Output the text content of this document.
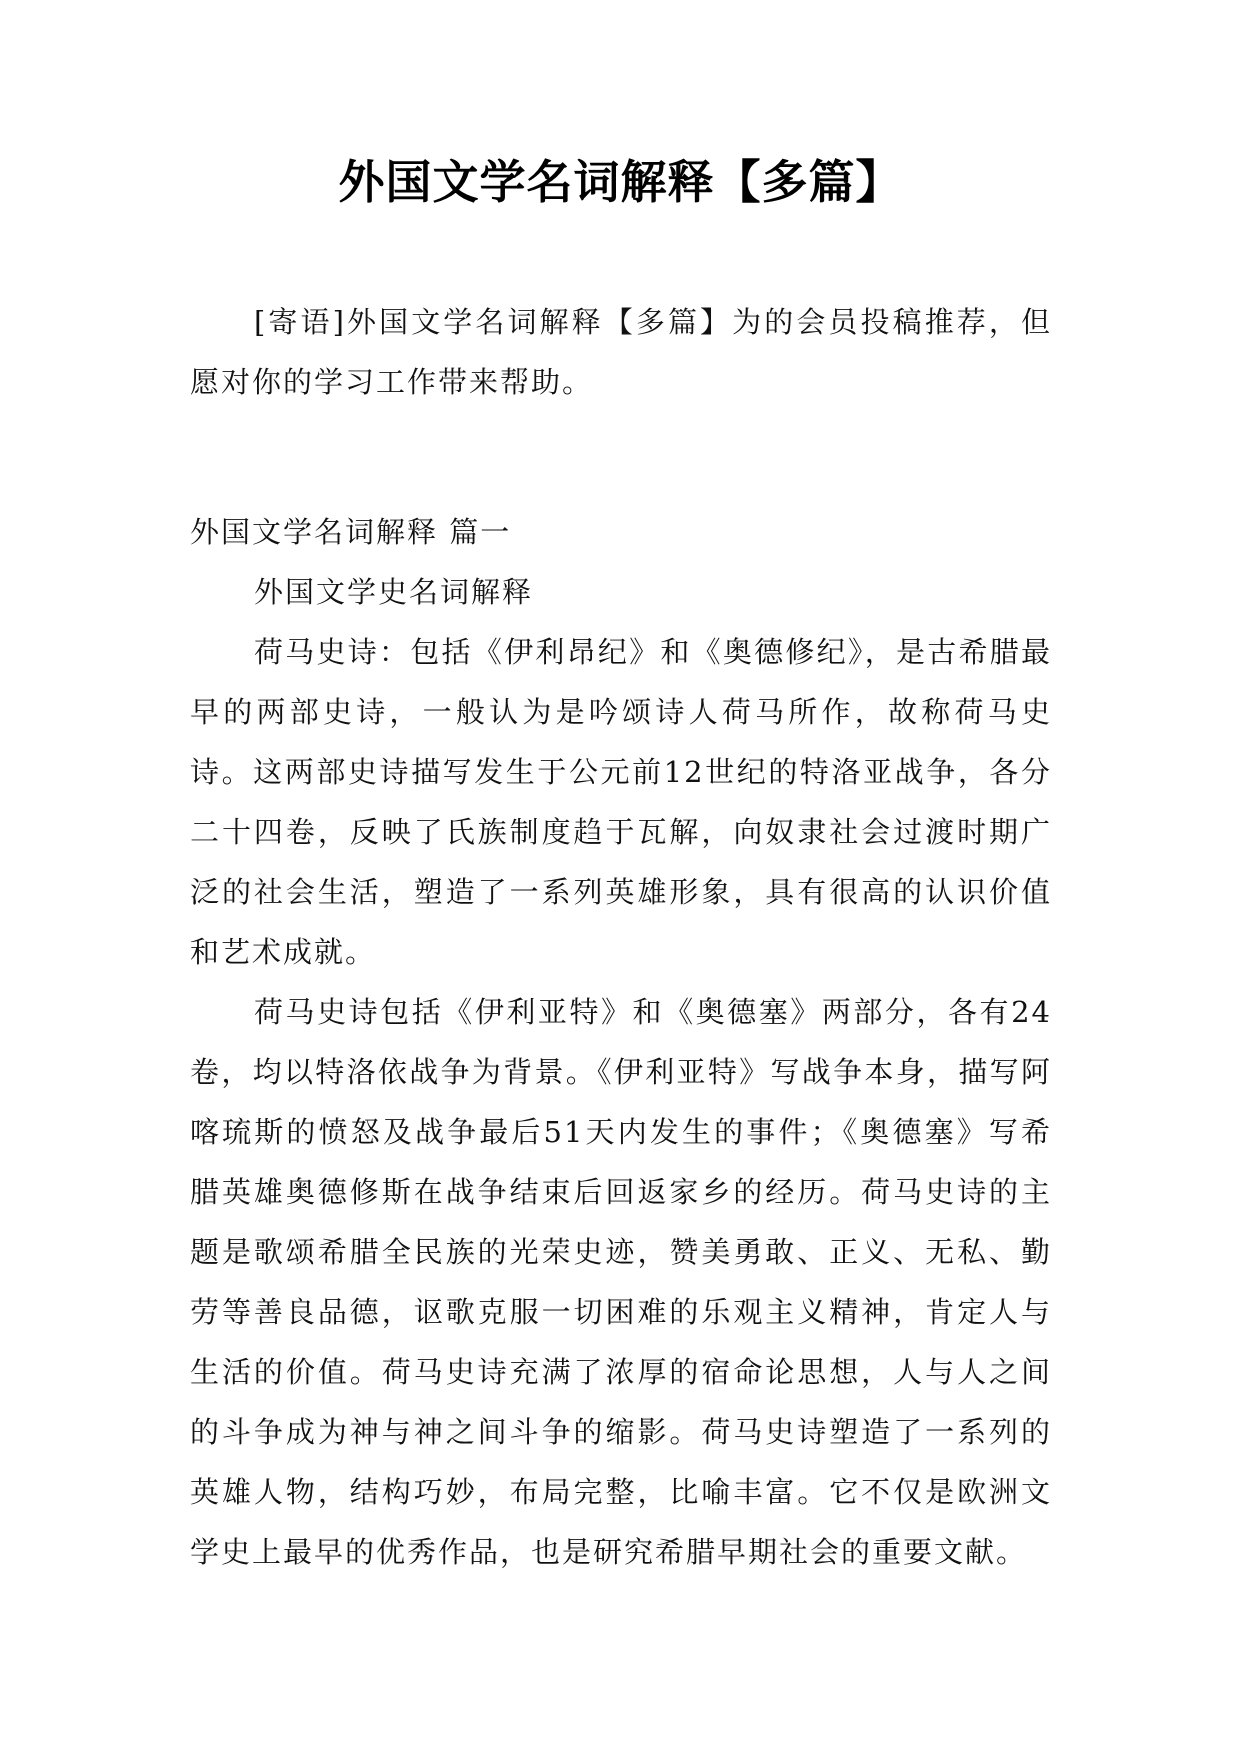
外国文学名词解释【多篇】

[寄语]外国文学名词解释【多篇】为的会员投稿推荐，但愿对你的学习工作带来帮助。

外国文学名词解释 篇一

外国文学史名词解释

荷马史诗：包括《伊利昂纪》和《奥德修纪》，是古希腊最早的两部史诗，一般认为是吟颂诗人荷马所作，故称荷马史诗。这两部史诗描写发生于公元前12世纪的特洛亚战争，各分二十四卷，反映了氏族制度趋于瓦解，向奴隶社会过渡时期广泛的社会生活，塑造了一系列英雄形象，具有很高的认识价值和艺术成就。

荷马史诗包括《伊利亚特》和《奥德塞》两部分，各有24卷，均以特洛依战争为背景。《伊利亚特》写战争本身，描写阿喀琉斯的愤怒及战争最后51天内发生的事件；《奥德塞》写希腊英雄奥德修斯在战争结束后回返家乡的经历。荷马史诗的主题是歌颂希腊全民族的光荣史迹，赞美勇敢、正义、无私、勤劳等善良品德，讴歌克服一切困难的乐观主义精神，肯定人与生活的价值。荷马史诗充满了浓厚的宿命论思想，人与人之间的斗争成为神与神之间斗争的缩影。荷马史诗塑造了一系列的英雄人物，结构巧妙，布局完整，比喻丰富。它不仅是欧洲文学史上最早的优秀作品，也是研究希腊早期社会的重要文献。
